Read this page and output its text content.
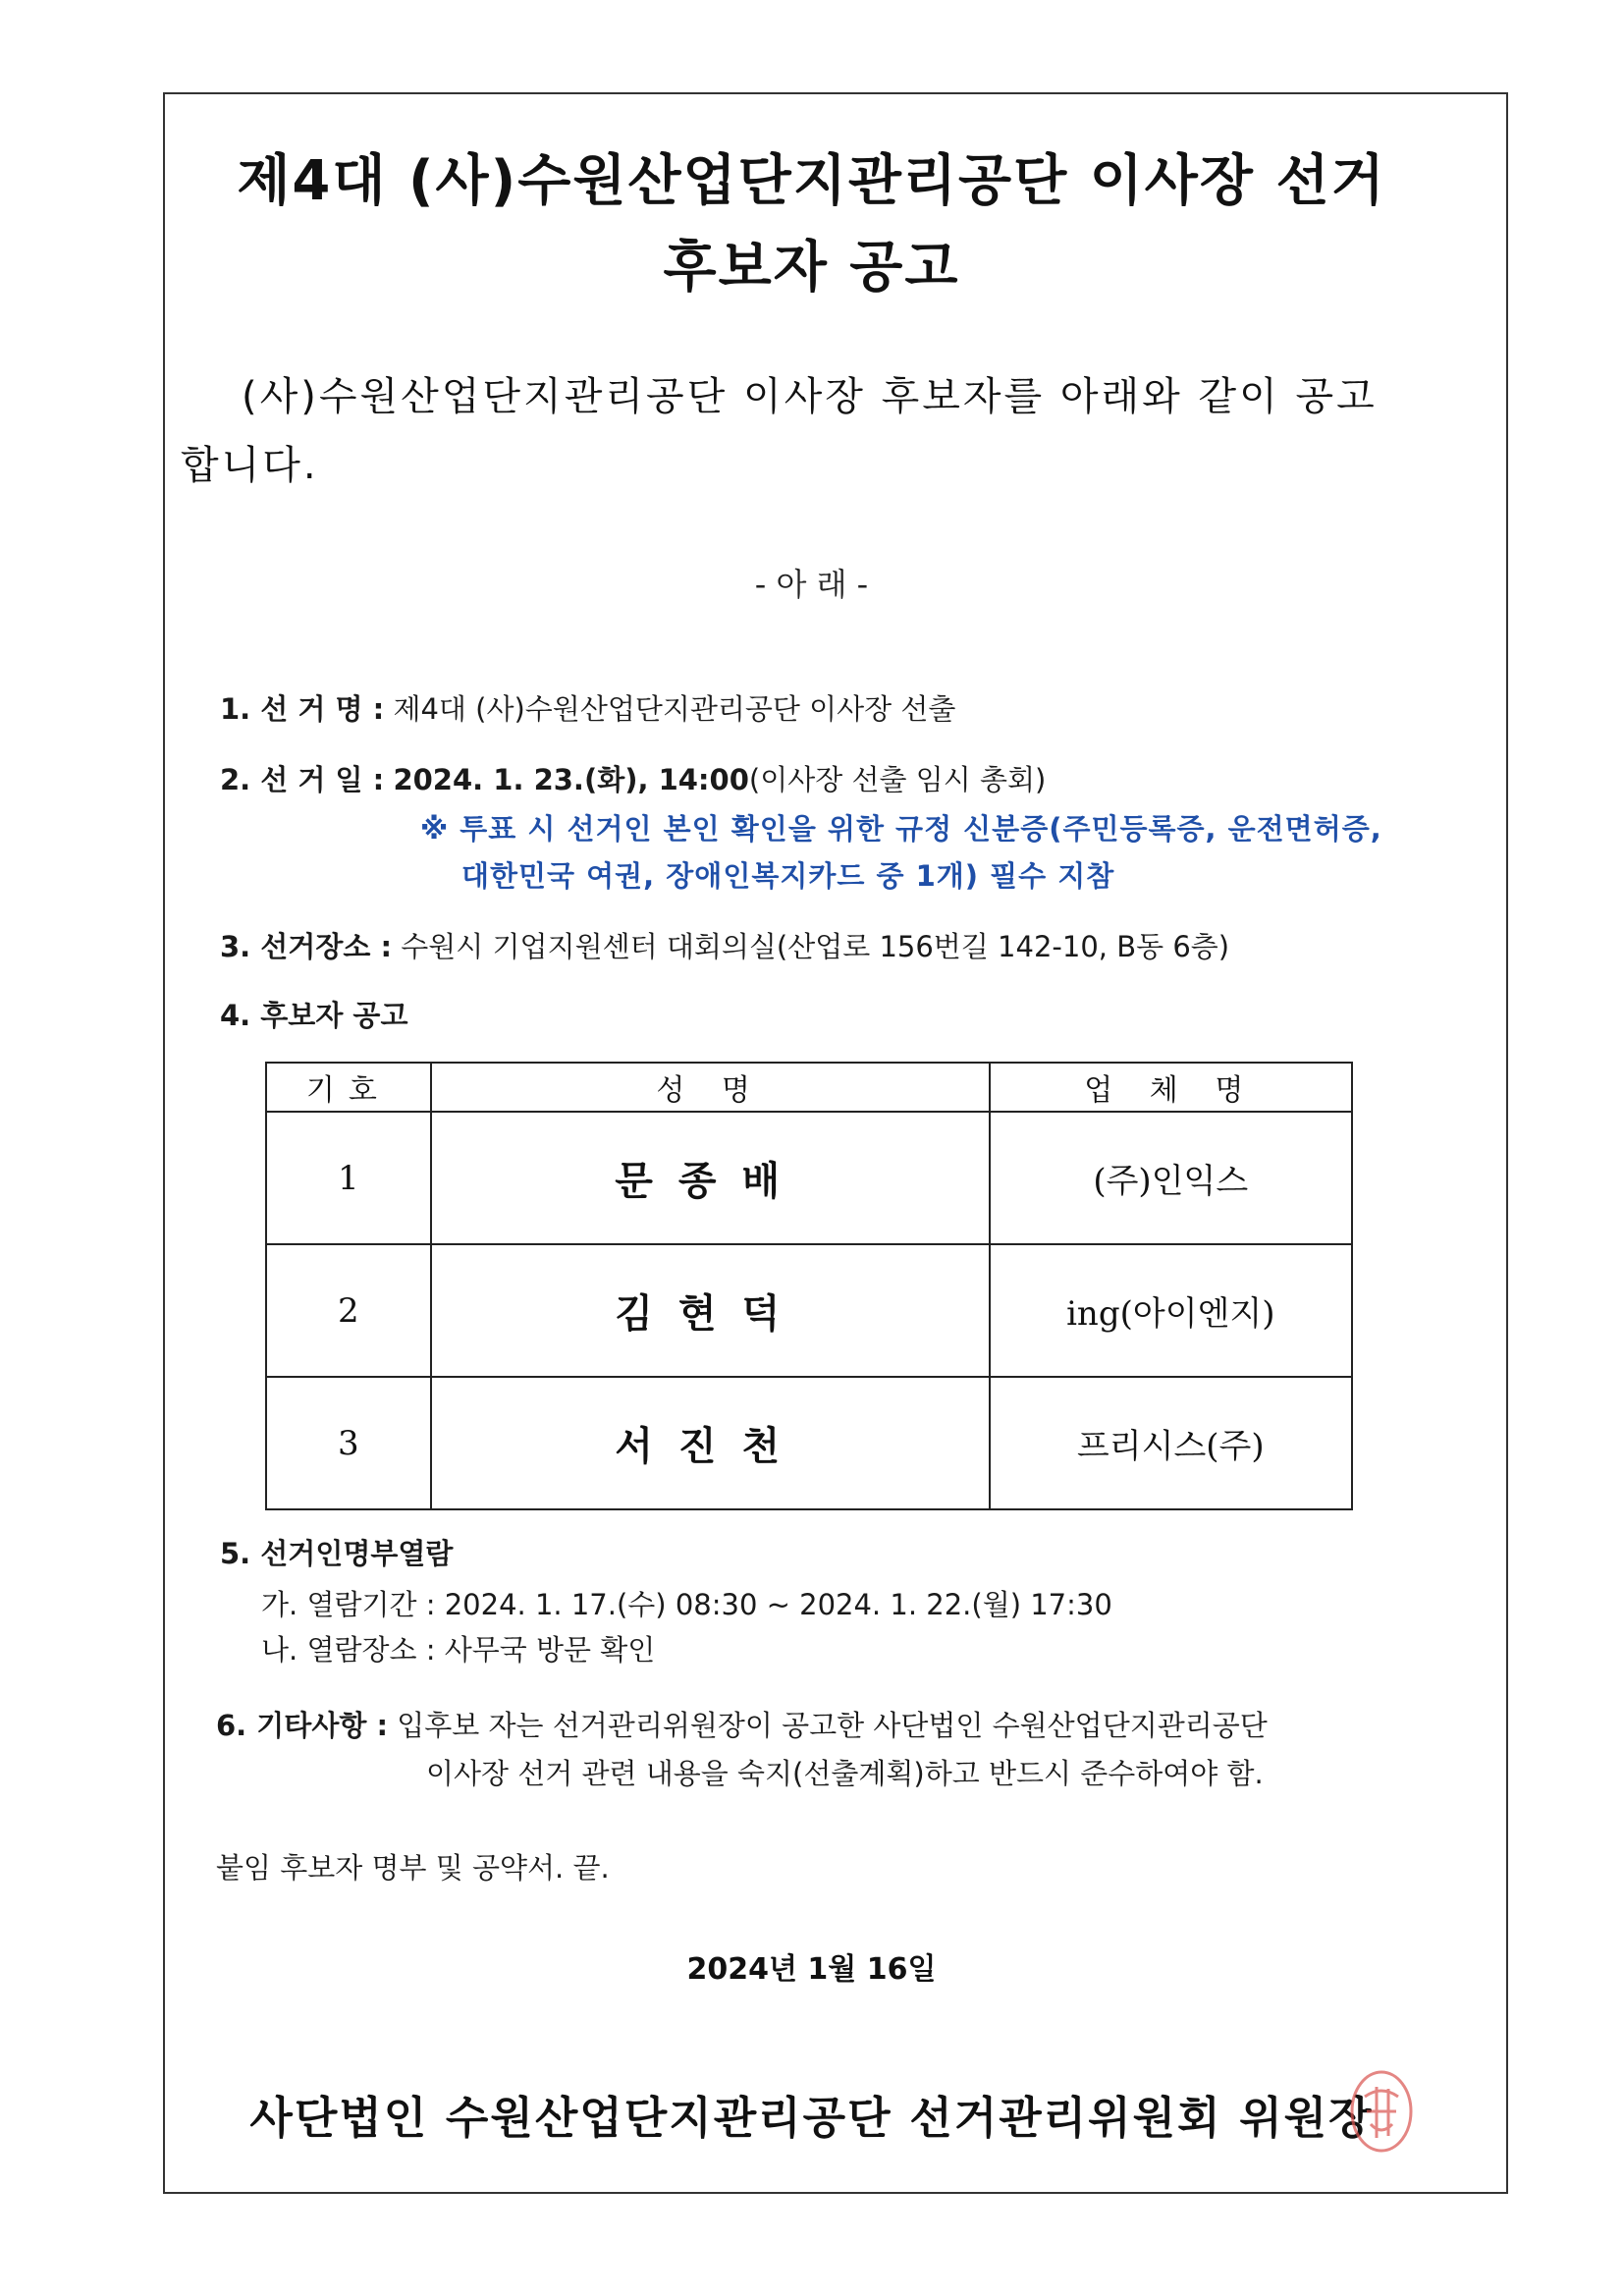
제4대 (사)수원산업단지관리공단 이사장 선거
후보자 공고
(사)수원산업단지관리공단 이사장 후보자를 아래와 같이 공고
합니다.
- 아 래 -
1. 선 거 명 : 제4대 (사)수원산업단지관리공단 이사장 선출
2. 선 거 일 : 2024. 1. 23.(화), 14:00(이사장 선출 임시 총회)
※ 투표 시 선거인 본인 확인을 위한 규정 신분증(주민등록증, 운전면허증,
대한민국 여권, 장애인복지카드 중 1개) 필수 지참
3. 선거장소 : 수원시 기업지원센터 대회의실(산업로 156번길 142-10, B동 6층)
4. 후보자 공고
기호	성 명	업 체 명
1	문종배	(주)인익스
2	김현덕	ing(아이엔지)
3	서진천	프리시스(주)
5. 선거인명부열람
가. 열람기간 : 2024. 1. 17.(수) 08:30 ~ 2024. 1. 22.(월) 17:30
나. 열람장소 : 사무국 방문 확인
6. 기타사항 : 입후보 자는 선거관리위원장이 공고한 사단법인 수원산업단지관리공단
이사장 선거 관련 내용을 숙지(선출계획)하고 반드시 준수하여야 함.
붙임 후보자 명부 및 공약서. 끝.
2024년 1월 16일
사단법인 수원산업단지관리공단 선거관리위원회 위원장
